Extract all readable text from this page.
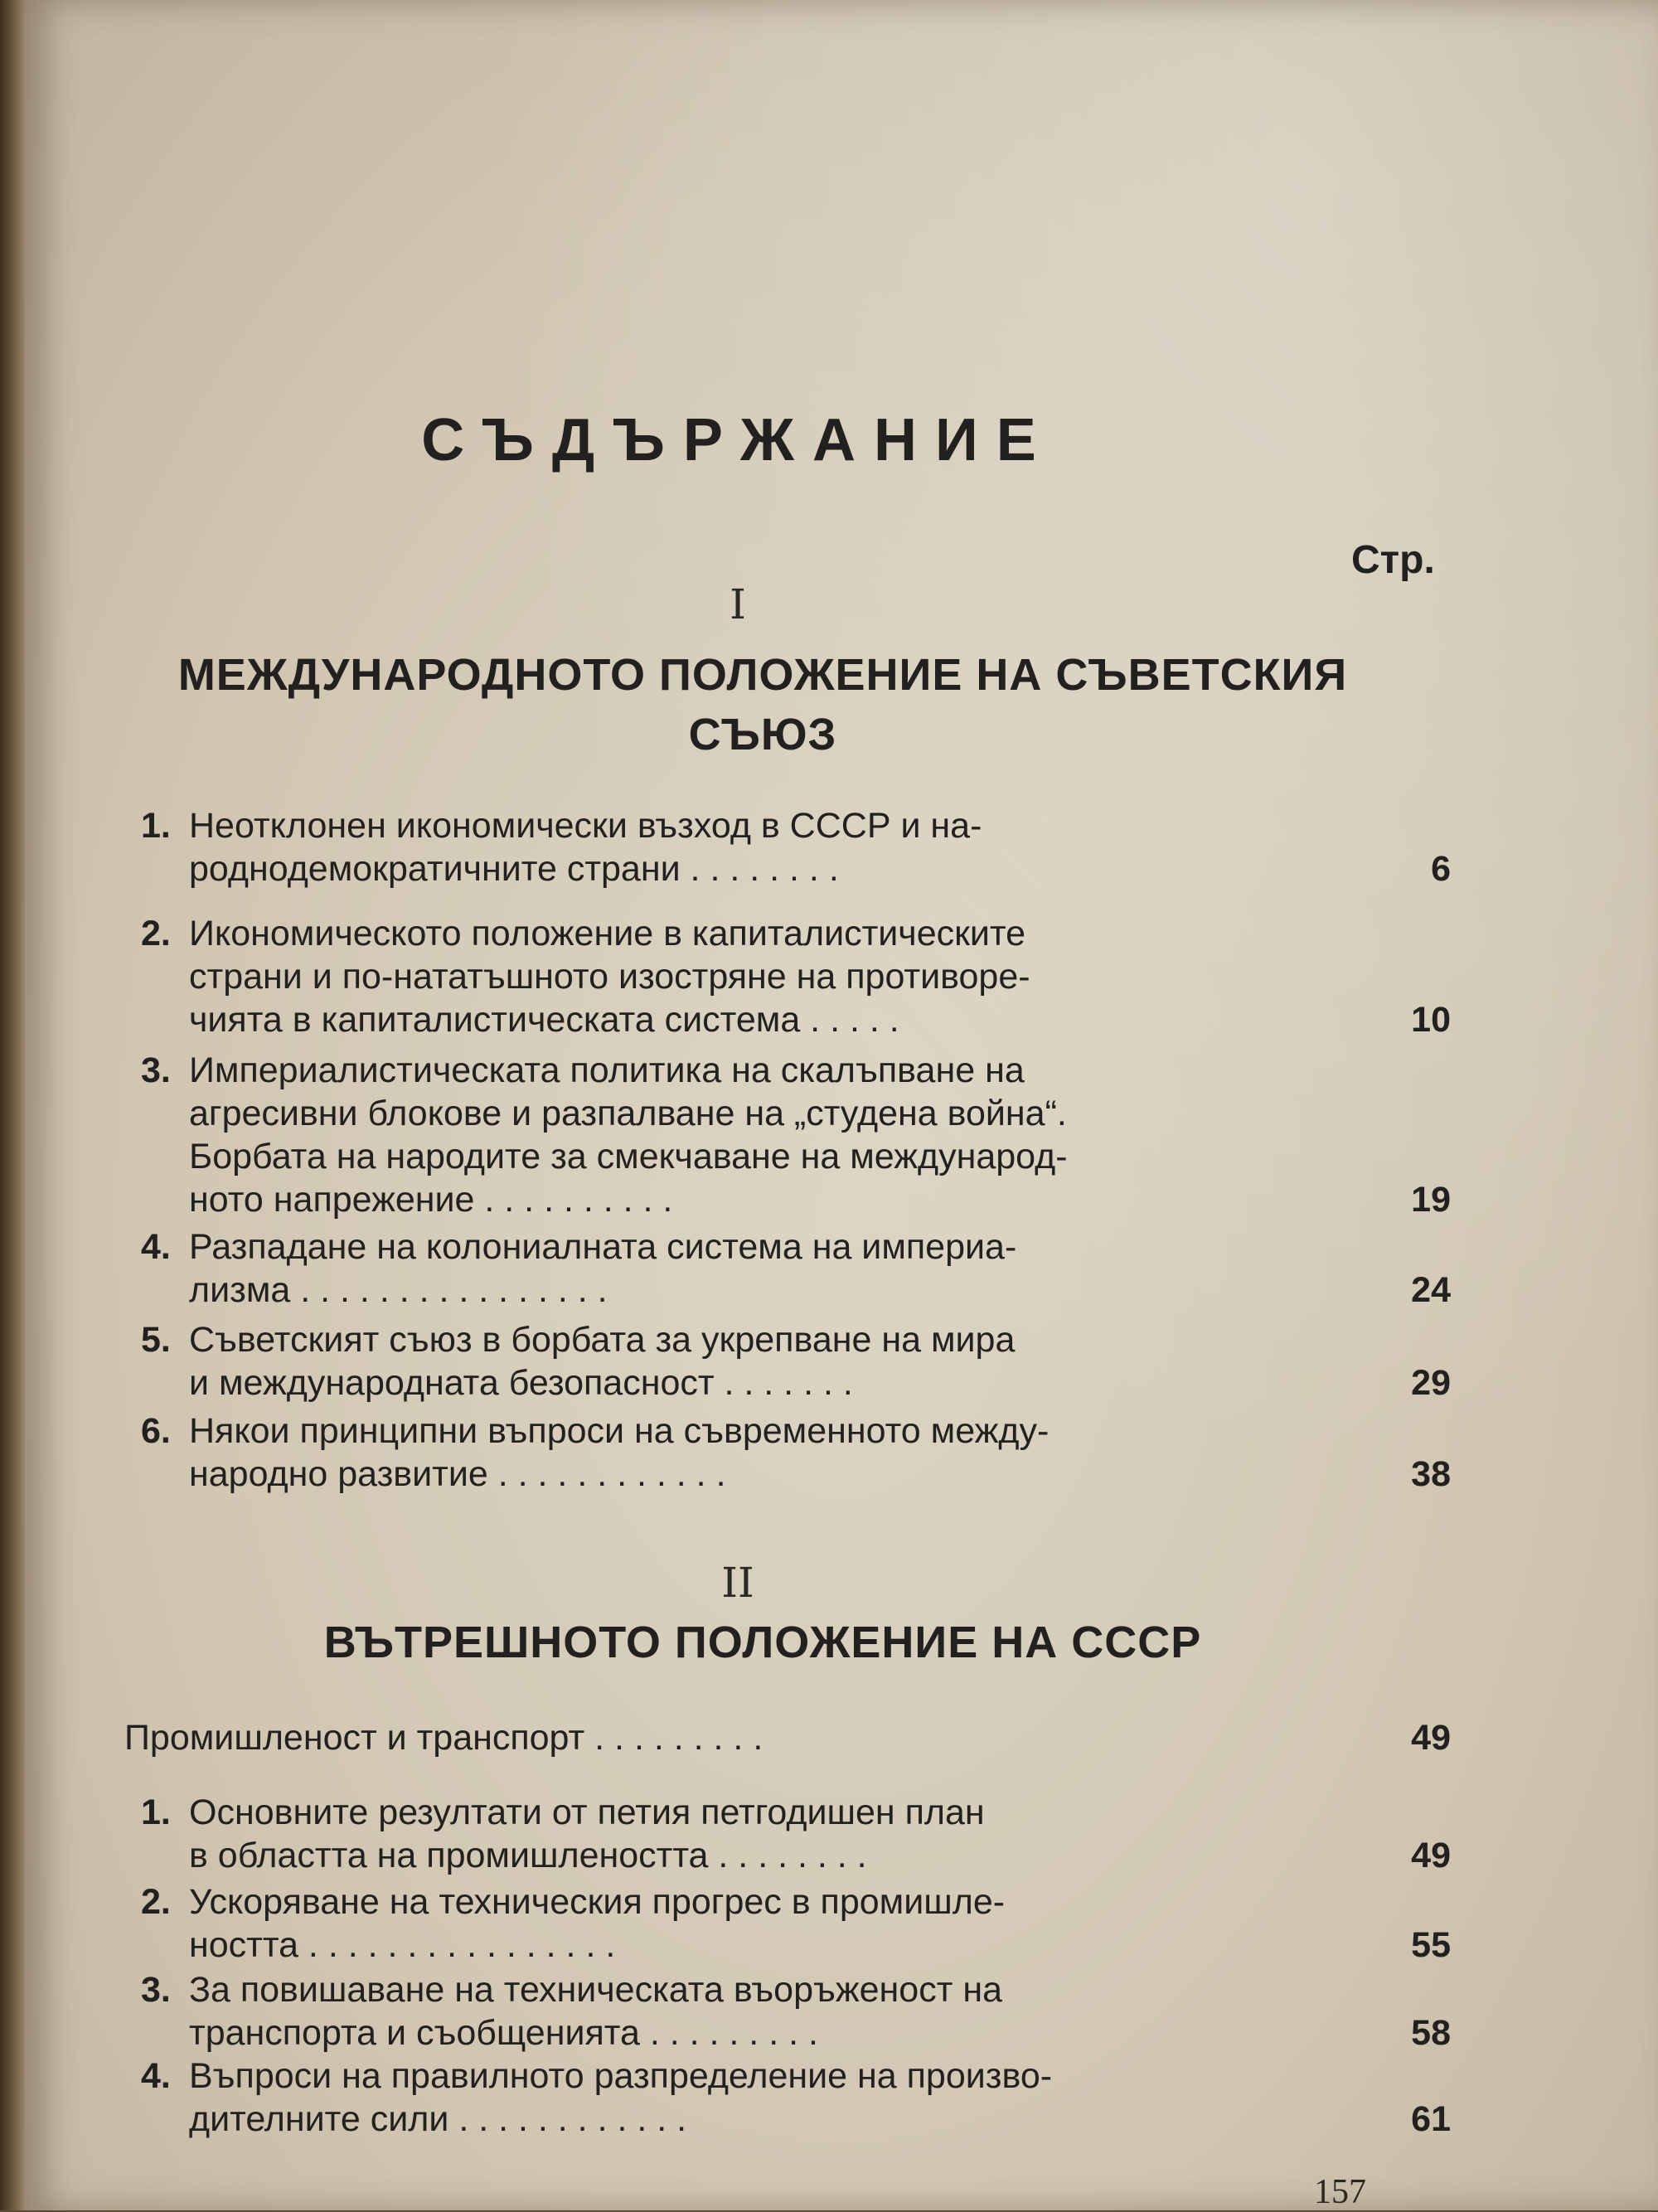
СЪДЪРЖАНИЕ
Стр.
I
МЕЖДУНАРОДНОТО ПОЛОЖЕНИЕ НА СЪВЕТСКИЯ
СЪЮЗ
1. Неотклонен икономически възход в СССР и на-
роднодемократичните страни . . . . . . . .	6
2. Икономическото положение в капиталистическите
страни и по-нататъшното изостряне на противоре-
чията в капиталистическата система . . . . .	10
3. Империалистическата политика на скалъпване на
агресивни блокове и разпалване на „студена война“.
Борбата на народите за смекчаване на международ-
ното напрежение . . . . . . . . . .	19
4. Разпадане на колониалната система на империа-
лизма . . . . . . . . . . . . . . . .	24
5. Съветският съюз в борбата за укрепване на мира
и международната безопасност . . . . . . .	29
6. Някои принципни въпроси на съвременното между-
народно развитие . . . . . . . . . . . .	38
II
ВЪТРЕШНОТО ПОЛОЖЕНИЕ НА СССР
Промишленост и транспорт . . . . . . . . .	49
1. Основните резултати от петия петгодишен план
в областта на промишлеността . . . . . . . .	49
2. Ускоряване на техническия прогрес в промишле-
ността . . . . . . . . . . . . . . . .	55
3. За повишаване на техническата въоръженост на
транспорта и съобщенията . . . . . . . . .	58
4. Въпроси на правилното разпределение на произво-
дителните сили . . . . . . . . . . . .	61
157
